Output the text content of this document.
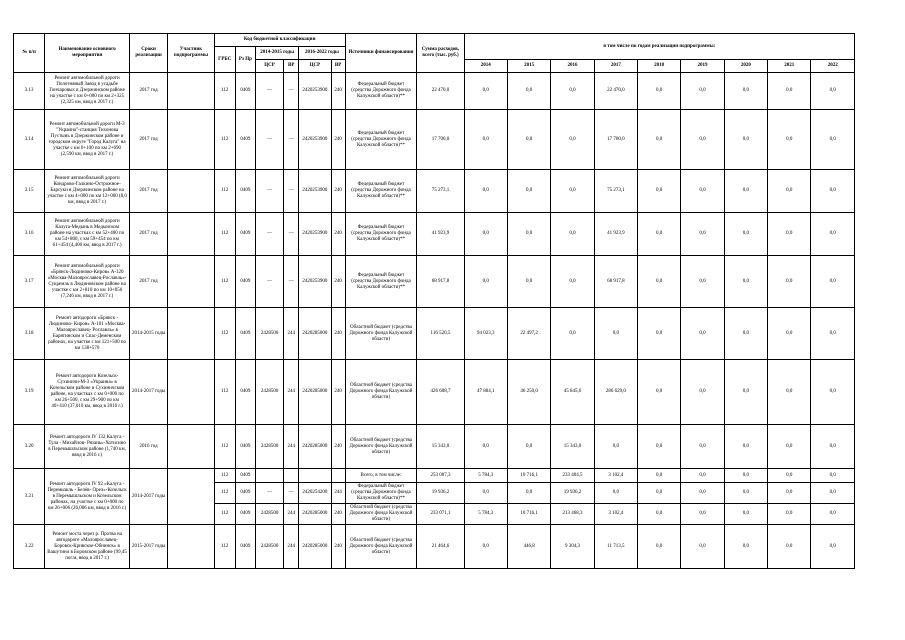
№ п/п	Наименование основного мероприятия	Сроки реализации	Участник подпрограммы	Код бюджетной классификации						Источники финансирования	Сумма расходов, всего (тыс. руб.)	в том числе по годам реализации подпрограммы:								
				ГРБС	Рз Пр	2014-2015 годы		2016-2022 годы												
						ЦСР	ВР	ЦСР	ВР											
												2014	2015	2016	2017	2018	2019	2020	2021	2022
3.13	Ремонт автомобильной дороги Полотняный Завод в усадьбе Гончаровых в Дзержинском районе на участке с км 0+000 по км 2+325 (2,325 км, ввод в 2017 г.)	2017 год		112	0409	—	—	2420253900	240	Федеральный бюджет (средства Дорожного фонда Калужской области)**	22 470,0	0,0	0,0	0,0	22 470,0	0,0	0,0	0,0	0,0	0,0
3.14	Ремонт автомобильной дороги М-3 "Украина"-станция Тихонова Пустынь в Дзержинском районе и городском округе "Город Калуга" на участке с км 0+100 по км 2+690 (2,590 км, ввод в 2017 г.)	2017 год		112	0409	—	—	2420253900	240	Федеральный бюджет (средства Дорожного фонда Калужской области)**	17 700,0	0,0	0,0	0,0	17 700,0	0,0	0,0	0,0	0,0	0,0
3.15	Ремонт автомобильной дороги Кондрово-Галкино-Острожное-Барсуки в Дзержинском районе на участке с км 4+000 по км 12+000 (8,0 км, ввод в 2017 г.)	2017 год		112	0409	—	—	2420253900	240	Федеральный бюджет (средства Дорожного фонда Калужской области)**	75 273,1	0,0	0,0	0,0	75 273,1	0,0	0,0	0,0	0,0	0,0
3.16	Ремонт автомобильной дороги Калуга-Медынь в Медынском районе на участках с км 52+400 по км 54+800, с км 59+454 по км 61+454 (4,400 км, ввод в 2017 г.)	2017 год		112	0409	—	—	2420253900	240	Федеральный бюджет (средства Дорожного фонда Калужской области)**	41 923,9	0,0	0,0	0,0	41 923,9	0,0	0,0	0,0	0,0	0,0
3.17	Ремонт автомобильной дороги «Брянск-Людиново-Киров» А-120 «Москва-Малоярославец-Рославль»-Сукремль в Людиновском районе на участке с км 2+810 по км 10+056 (7,246 км, ввод в 2017 г.)	2017 год		112	0409	—	—	2420253900	240	Федеральный бюджет (средства Дорожного фонда Калужской области)**	68 917,8	0,0	0,0	0,0	68 917,8	0,0	0,0	0,0	0,0	0,0
3.18	Ремонт автодороги «Брянск - Людиново- Киров» А-101 «Москва-Малоярославец- Рославль» в Барятинском и Спас-Деменском районах, на участке с км 121+500 по км 138+570	2014-2015 годы		112	0409	2428500	244	2420285000	240	Областной бюджет (средства Дорожного фонда Калужской области)	116 520,5	94 023,3	22 497,2	0,0	0,0	0,0	0,0	0,0	0,0	0,0
3.19	Ремонт автодороги Козельск-Сухиничи-М-3 «Украина» в Козельском районе и Сухиничском районе, на участках с км 0+000 по км 26+500, с км 29+900 по км 40+410 (37,010 км, ввод в 2016 г.)	2014-2017 годы		112	0409	2428500	244	2420285000	240	Областной бюджет (средства Дорожного фонда Калужской области)	426 608,7	47 884,1	46 250,0	45 845,6	286 629,0	0,0	0,0	0,0	0,0	0,0
3.20	Ремонт автодороги IV 132 Калуга - Тула - Михайлов- Рязань»-Хотисино в Перемышльском районе (1,740 км, ввод в 2016 г.)	2016 год		112	0409	2428500	244	2420285000	240	Областной бюджет (средства Дорожного фонда Калужской области)	15 343,0	0,0	0,0	15 343,0	0,0	0,0	0,0	0,0	0,0	0,0
3.21	Ремонт автодороги IV 92 «Калуга - Перемышль - Белёв- Орел»-Козельск в Перемышльском и Козельском районах, на участке с км 0+000 по км 26+006 (26,006 км, ввод в 2016 г.)	2014-2017 годы		112	0409					Всего, в том числе:	253 007,3	5 784,3	10 716,1	233 404,5	3 102,4	0,0	0,0	0,0	0,0	0,0
				112	0409	—	—	2420254200	244	Федеральный бюджет (средства Дорожного фонда Калужской области)**	19 936,2	0,0	0,0	19 936,2	0,0	0,0	0,0	0,0	0,0	0,0
				112	0409	2428500	244	2420285000	240	Областной бюджет (средства Дорожного фонда Калужской области)	233 071,1	5 784,3	10 716,1	213 468,3	3 102,4	0,0	0,0	0,0	0,0	0,0
3.22	Ремонт моста через р. Протва на автодороге «Малоярославец-Боровск-Кривское-Обнинск» в Вашутино в Боровском районе (99,45 пог.м, ввод в 2017 г.)	2015-2017 годы		112	0409	2428500	244	2420285000	240	Областной бюджет (средства Дорожного фонда Калужской области)	21 464,6	0,0	446,8	9 304,3	11 713,5	0,0	0,0	0,0	0,0	0,0
